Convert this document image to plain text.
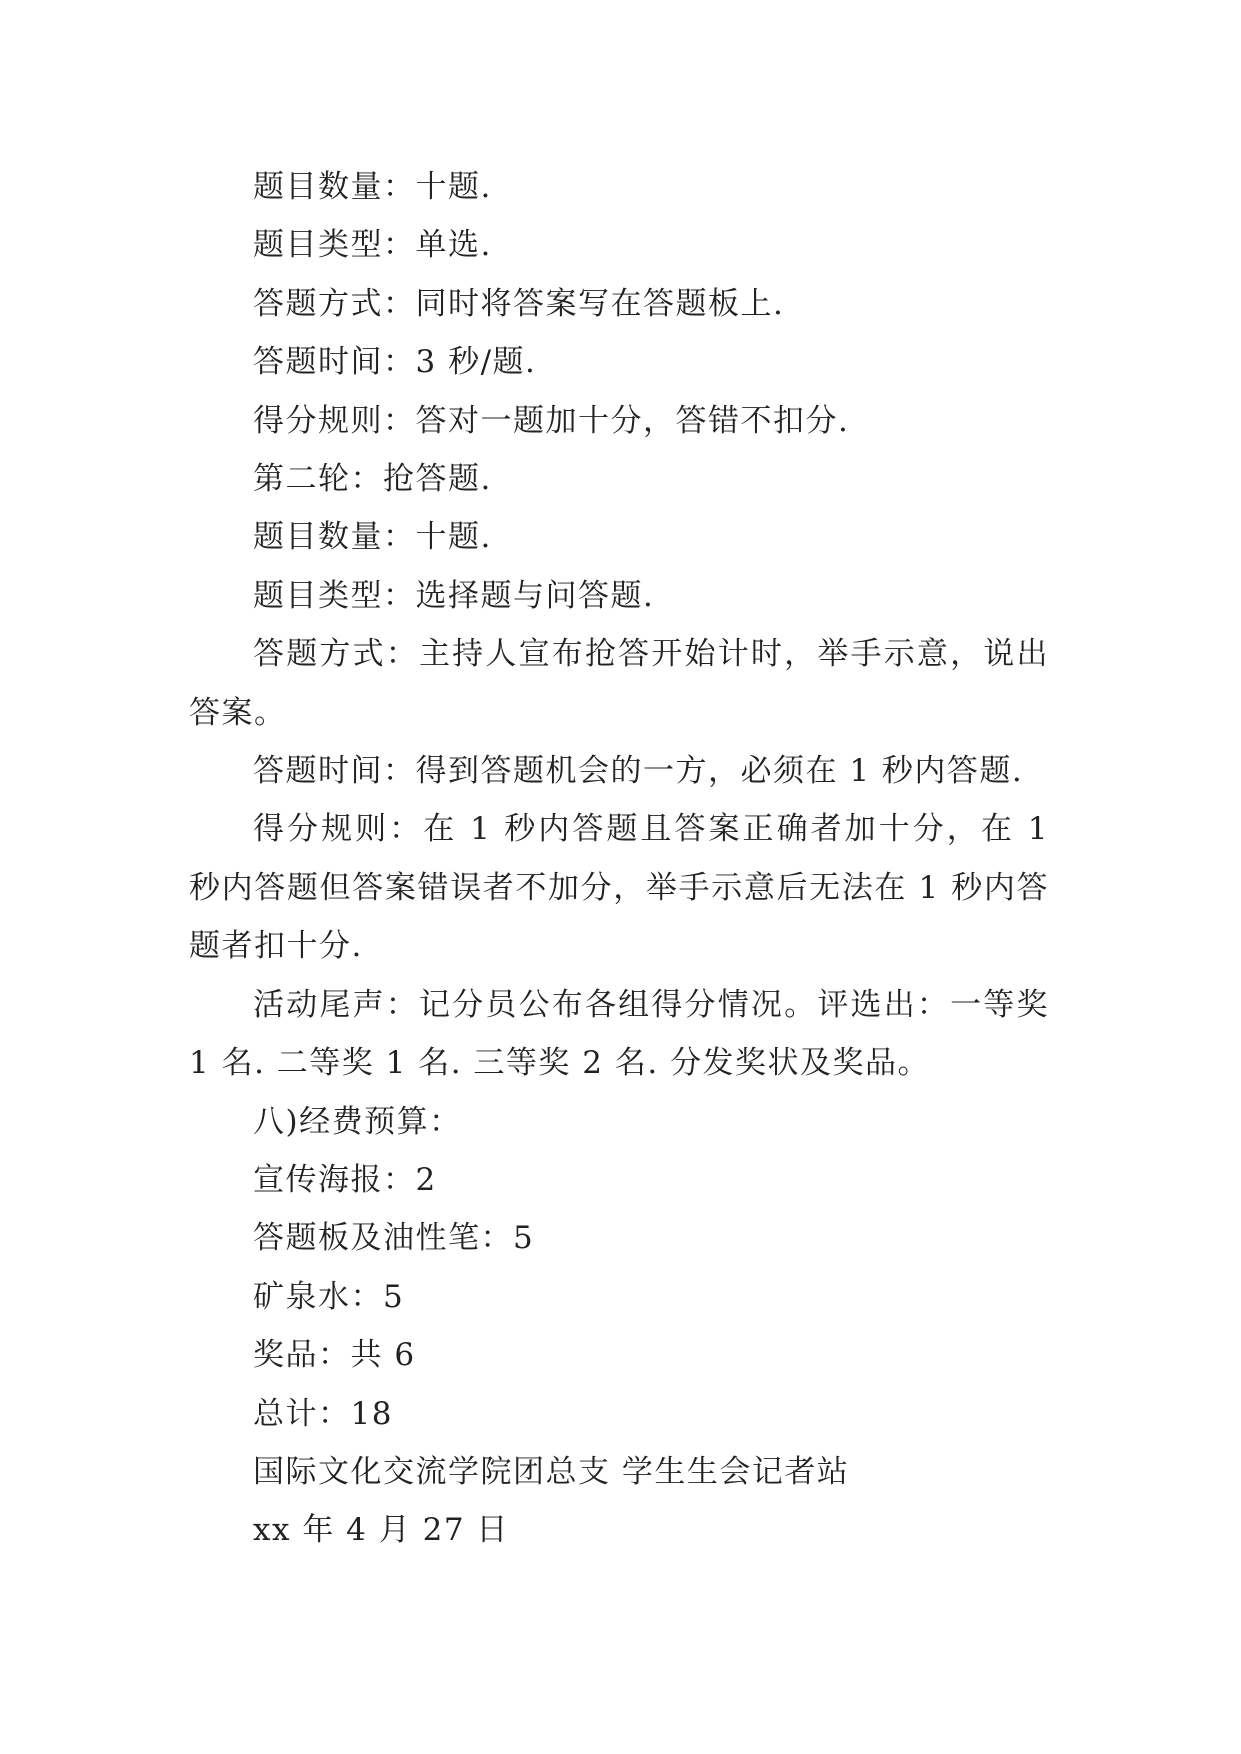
题目数量：十题.

题目类型：单选.

答题方式：同时将答案写在答题板上.

答题时间：3 秒/题.

得分规则：答对一题加十分，答错不扣分.

第二轮：抢答题.

题目数量：十题.

题目类型：选择题与问答题.

答题方式：主持人宣布抢答开始计时，举手示意，说出答案。

答题时间：得到答题机会的一方，必须在 1 秒内答题.

得分规则：在 1 秒内答题且答案正确者加十分，在 1 秒内答题但答案错误者不加分，举手示意后无法在 1 秒内答题者扣十分.

活动尾声：记分员公布各组得分情况。评选出：一等奖 1 名. 二等奖 1 名. 三等奖 2 名. 分发奖状及奖品。

八)经费预算：

宣传海报：2

答题板及油性笔：5

矿泉水：5

奖品：共 6

总计：18

国际文化交流学院团总支 学生生会记者站

xx 年 4 月 27 日
